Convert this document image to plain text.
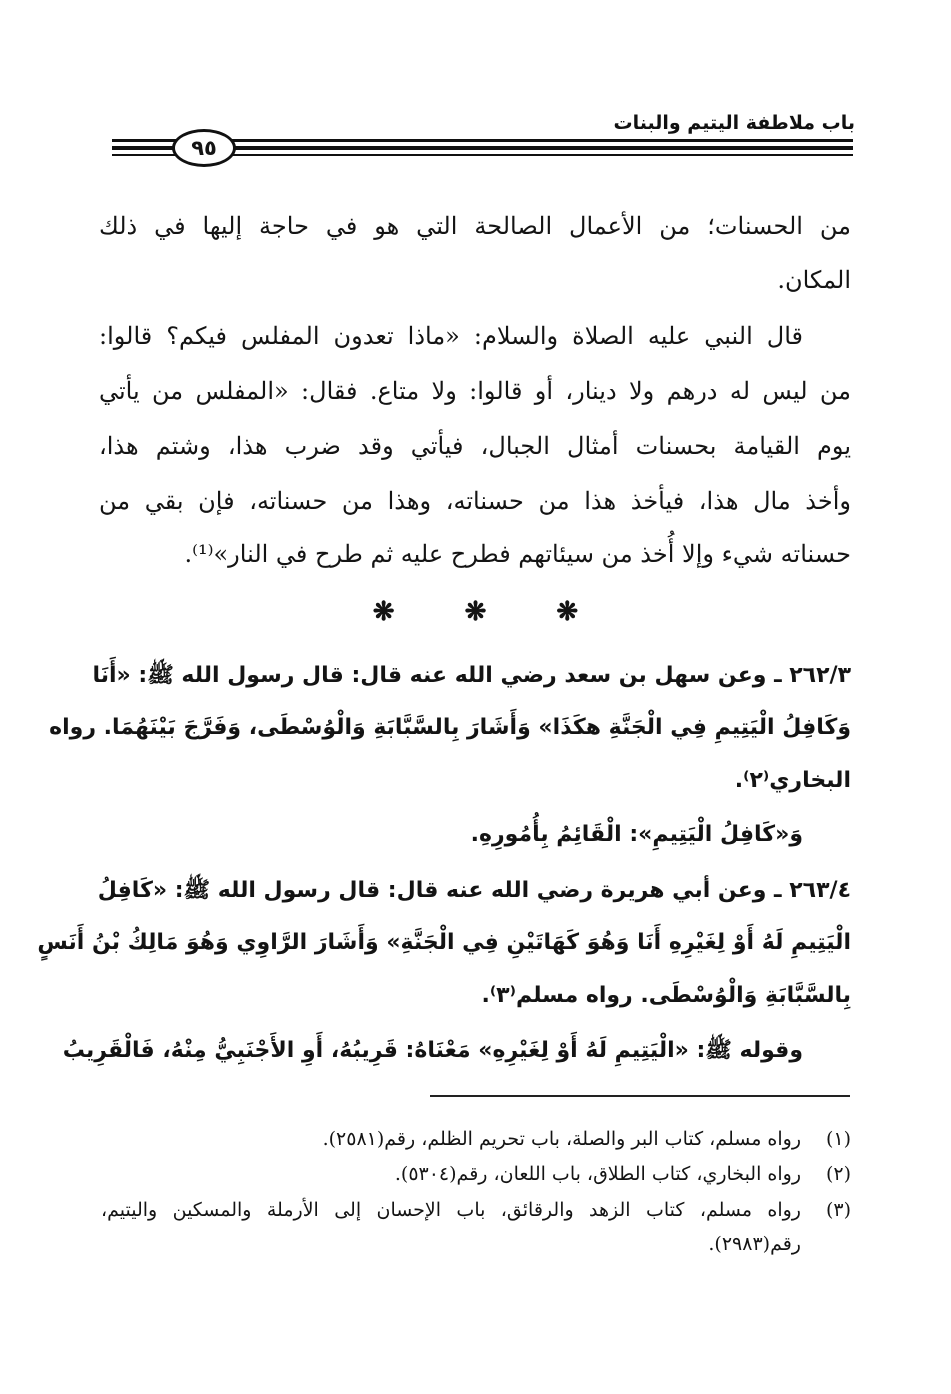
باب ملاطفة اليتيم والبنات
٩٥
من الحسنات؛ من الأعمال الصالحة التي هو في حاجة إليها في ذلك
المكان.
قال النبي عليه الصلاة والسلام: «ماذا تعدون المفلس فيكم؟ قالوا:
من ليس له درهم ولا دينار، أو قالوا: ولا متاع. فقال: «المفلس من يأتي
يوم القيامة بحسنات أمثال الجبال، فيأتي وقد ضرب هذا، وشتم هذا،
وأخذ مال هذا، فيأخذ هذا من حسناته، وهذا من حسناته، فإن بقي من
حسناته شيء وإلا أُخذ من سيئاتهم فطرح عليه ثم طرح في النار»⁽¹⁾.
٢٦٢/٣ ـ وعن سهل بن سعد رضي الله عنه قال: قال رسول الله ﷺ: «أَنَا
وَكَافِلُ الْيَتِيمِ فِي الْجَنَّةِ هكَذَا» وَأَشَارَ بِالسَّبَّابَةِ وَالْوُسْطَى، وَفَرَّجَ بَيْنَهُمَا. رواه
البخاري⁽٢⁾.
وَ«كَافِلُ الْيَتِيمِ»: الْقَائِمُ بِأُمُورِهِ.
٢٦٣/٤ ـ وعن أبي هريرة رضي الله عنه قال: قال رسول الله ﷺ: «كَافِلُ
الْيَتِيمِ لَهُ أَوْ لِغَيْرِهِ أَنَا وَهُوَ كَهَاتَيْنِ فِي الْجَنَّةِ» وَأَشَارَ الرَّاوِي وَهُوَ مَالِكُ بْنُ أَنَسٍ
بِالسَّبَّابَةِ وَالْوُسْطَى. رواه مسلم⁽٣⁾.
وقوله ﷺ: «الْيَتِيمِ لَهُ أَوْ لِغَيْرِهِ» مَعْنَاهُ: قَرِيبُهُ، أَوِ الأَجْنَبِيُّ مِنْهُ، فَالْقَرِيبُ
❋	❋	❋
(١)
رواه مسلم، كتاب البر والصلة، باب تحريم الظلم، رقم(٢٥٨١).
(٢)
رواه البخاري، كتاب الطلاق، باب اللعان، رقم(٥٣٠٤).
(٣)
رواه مسلم، كتاب الزهد والرقائق، باب الإحسان إلى الأرملة والمسكين واليتيم،
رقم(٢٩٨٣).
